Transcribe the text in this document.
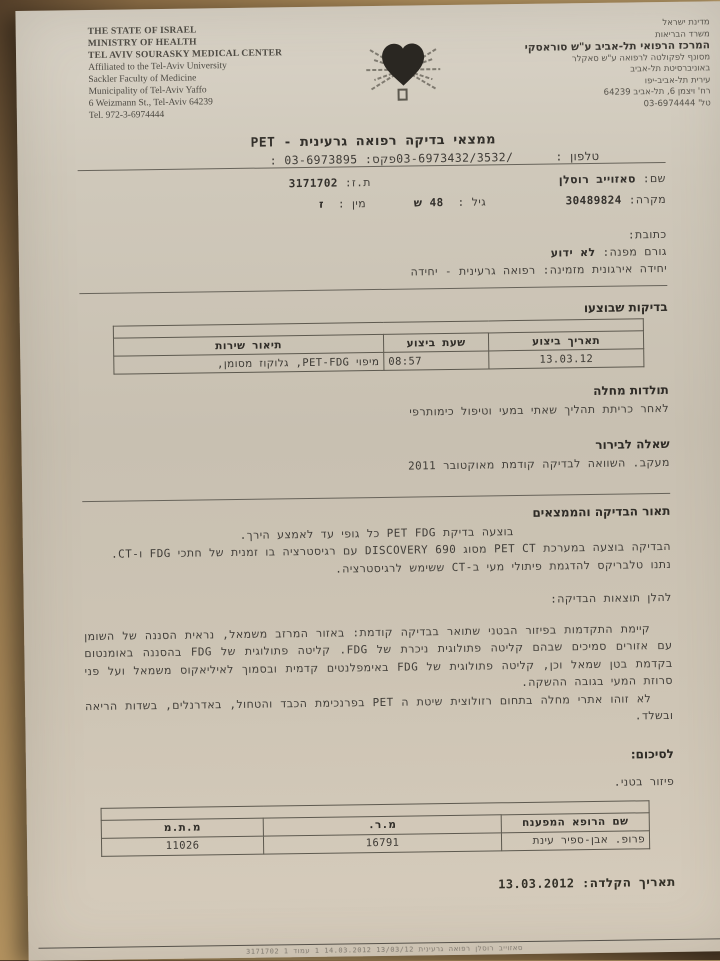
THE STATE OF ISRAEL
MINISTRY OF HEALTH
TEL AVIV SOURASKY MEDICAL CENTER
Affiliated to the Tel-Aviv University
Sackler Faculty of Medicine
Municipality of Tel-Aviv Yaffo
6 Weizmann St., Tel-Aviv 64239
Tel. 972-3-6974444
מדינת ישראל
משרד הבריאות
המרכז הרפואי תל-אביב ע"ש סוראסקי
מסונף לפקולטה לרפואה ע"ש סאקלר
באוניברסיטת תל-אביב
עירית תל-אביב-יפו
רח' ויצמן 6, תל-אביב 64239
טל' 03-6974444
ממצאי בדיקה רפואה גרעינית - PET
טלפון :03-6973432/3532/פקס: 03-6973895 :
שם: סאזוייב רוסלן
ת.ז: 3171702
מקרה: 30489824
גיל :  48 ש
מין :  ז
כתובת:
גורם מפנה: לא ידוע
יחידה אירגונית מזמינה: רפואה גרעינית - יחידה
בדיקות שבוצעו

תאריך ביצוע	שעת ביצוע	תיאור שירות
13.03.12	08:57	מיפוי PET-FDG, גלוקוז מסומן,
תולדות מחלה
לאחר כריתת תהליך שאתי במעי וטיפול כימותרפי
שאלה לבירור
מעקב. השוואה לבדיקה קודמת מאוקטובר 2011
תאור הבדיקה והממצאים
בוצעה בדיקת PET FDG כל גופי עד לאמצע הירך.
הבדיקה בוצעה במערכת PET CT מסוג DISCOVERY 690 עם רגיסטרציה בו זמנית של חתכי FDG ו-CT.
נתנו טלבריקס להדגמת פיתולי מעי ב-CT ששימש לרגיסטרציה.
להלן תוצאות הבדיקה:
קיימת התקדמות בפיזור הבטני שתואר בבדיקה קודמת: באזור המרזב משמאל, נראית הסננה של השומן עם אזורים סמיכים שבהם קליטה פתולוגית ניכרת של FDG. קליטה פתולוגית של FDG בהסננה באומנטום בקדמת בטן שמאל וכן, קליטה פתולוגית של FDG באימפלנטים קדמית ובסמוך לאיליאקוס משמאל ועל פני סרוזת המעי בגובה ההשקה.
לא זוהו אתרי מחלה בתחום רזולוצית שיטת ה PET בפרנכימת הכבד והטחול, באדרנלים, בשדות הריאה ובשלד.
לסיכום:
פיזור בטני.

שם הרופא המפענח	מ.ר.	מ.ת.מ
פרופ. אבן-ספיר עינת	16791	11026
תאריך הקלדה: 13.03.2012
סאזוייב רוסלן רפואה גרעינית 13/03/12 14.03.2012 1 עמוד 1 3171702
